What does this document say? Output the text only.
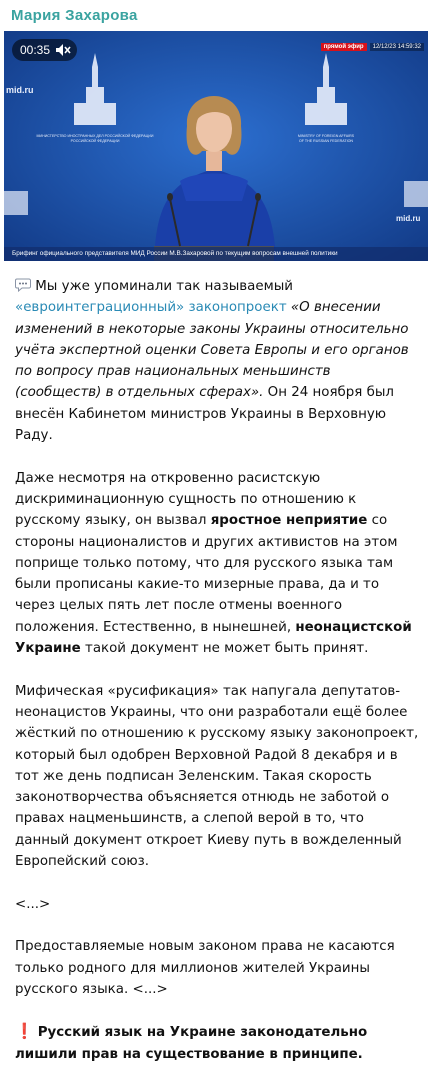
Мария Захарова
МИНИСТЕРСТВО ИНОСТРАННЫХ ДЕЛ РОССИЙСКОЙ ФЕДЕРАЦИИ
РОССИЙСКОЙ ФЕДЕРАЦИИ
MINISTRY OF FOREIGN AFFAIRS
OF THE RUSSIAN FEDERATION
mid.ru
mid.ru
00:35	прямой эфир	12/12/23 14:59:32
Брифинг официального представителя МИД России М.В.Захаровой по текущим вопросам внешней политики

Мы уже упоминали так называемый «евроинтеграционный» законопроект «О внесении изменений в некоторые законы Украины относительно учёта экспертной оценки Совета Европы и его органов по вопросу прав национальных меньшинств (сообществ) в отдельных сферах». Он 24 ноября был внесён Кабинетом министров Украины в Верховную Раду.

Даже несмотря на откровенно расистскую дискриминационную сущность по отношению к русскому языку, он вызвал яростное неприятие со стороны националистов и других активистов на этом поприще только потому, что для русского языка там были прописаны какие-то мизерные права, да и то через целых пять лет после отмены военного положения. Естественно, в нынешней, неонацистской Украине такой документ не может быть принят.

Мифическая «русификация» так напугала депутатов-неонацистов Украины, что они разработали ещё более жёсткий по отношению к русскому языку законопроект, который был одобрен Верховной Радой 8 декабря и в тот же день подписан Зеленским. Такая скорость законотворчества объясняется отнюдь не заботой о правах нацменьшинств, а слепой верой в то, что данный документ откроет Киеву путь в вожделенный Европейский союз.

<...>

Предоставляемые новым законом права не касаются только родного для миллионов жителей Украины русского языка. <...>

❗ Русский язык на Украине законодательно лишили прав на существование в принципе.
